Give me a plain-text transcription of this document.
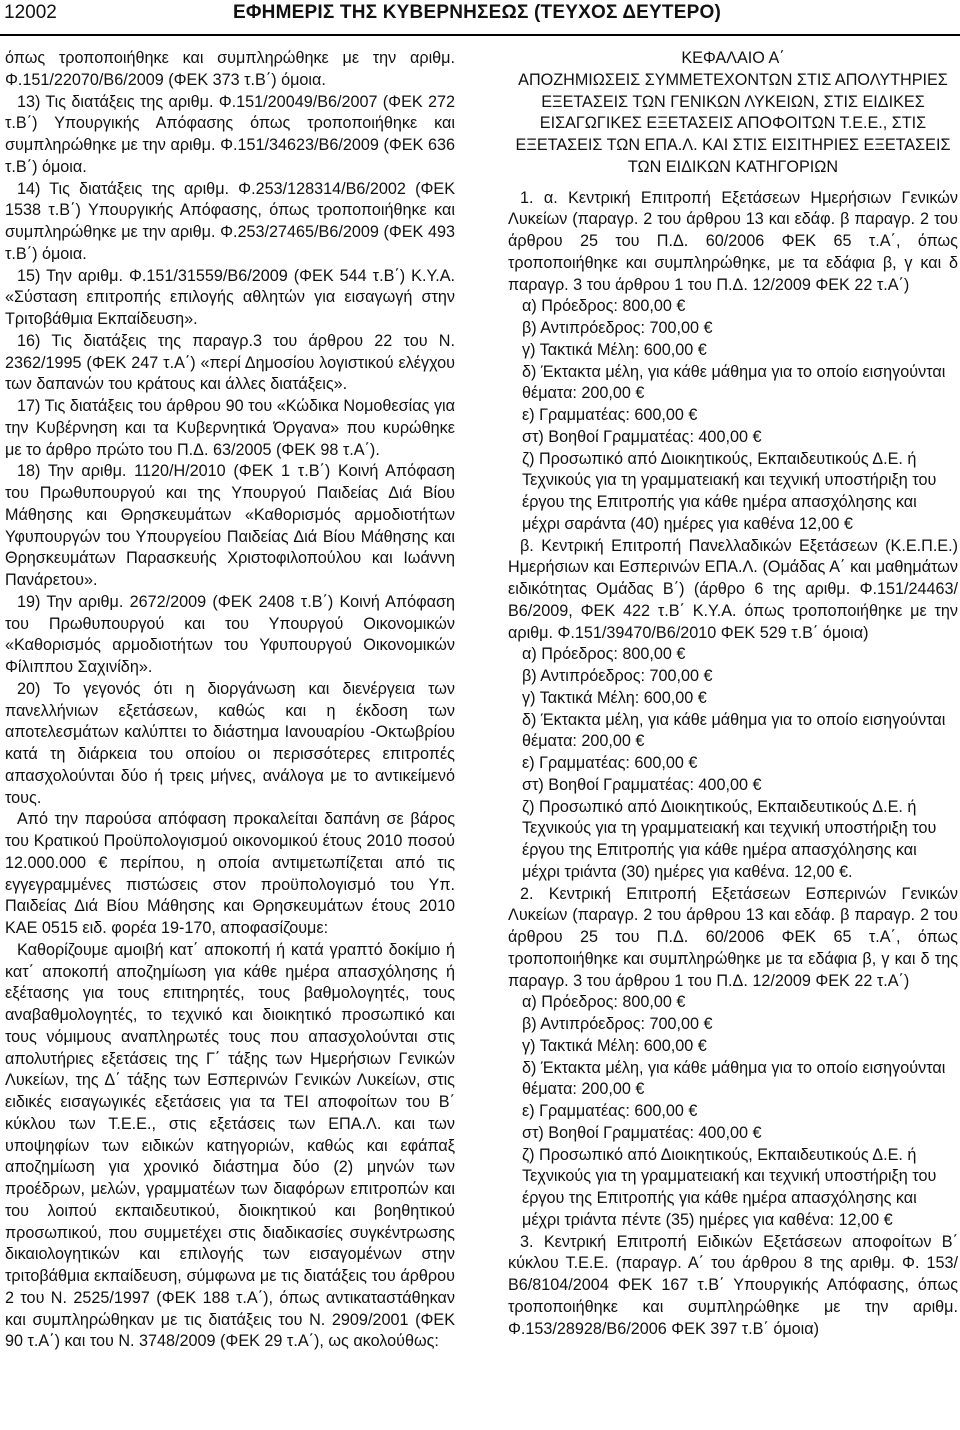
12002	ΕΦΗΜΕΡΙΣ ΤΗΣ ΚΥΒΕΡΝΗΣΕΩΣ (ΤΕΥΧΟΣ ΔΕΥΤΕΡΟ)

όπως τροποποιήθηκε και συμπληρώθηκε με την αριθμ. Φ.151/22070/Β6/2009 (ΦΕΚ 373 τ.Β΄) όμοια.

13) Τις διατάξεις της αριθμ. Φ.151/20049/Β6/2007 (ΦΕΚ 272 τ.Β΄) Υπουργικής Απόφασης όπως τροποποιήθηκε και συμπληρώθηκε με την αριθμ. Φ.151/34623/Β6/2009 (ΦΕΚ 636 τ.Β΄) όμοια.

14) Τις διατάξεις της αριθμ. Φ.253/128314/Β6/2002 (ΦΕΚ 1538 τ.Β΄) Υπουργικής Απόφασης, όπως τροποποιήθηκε και συμπληρώθηκε με την αριθμ. Φ.253/27465/Β6/2009 (ΦΕΚ 493 τ.Β΄) όμοια.

15) Την αριθμ. Φ.151/31559/Β6/2009 (ΦΕΚ 544 τ.Β΄) Κ.Υ.Α. «Σύσταση επιτροπής επιλογής αθλητών για εισαγωγή στην Τριτοβάθμια Εκπαίδευση».

16) Τις διατάξεις της παραγρ.3 του άρθρου 22 του Ν. 2362/1995 (ΦΕΚ 247 τ.Α΄) «περί Δημοσίου λογιστικού ελέγχου των δαπανών του κράτους και άλλες διατάξεις».

17) Τις διατάξεις του άρθρου 90 του «Κώδικα Νομοθεσίας για την Κυβέρνηση και τα Κυβερνητικά Όργανα» που κυρώθηκε με το άρθρο πρώτο του Π.Δ. 63/2005 (ΦΕΚ 98 τ.Α΄).

18) Την αριθμ. 1120/Η/2010 (ΦΕΚ 1 τ.Β΄) Κοινή Απόφαση του Πρωθυπουργού και της Υπουργού Παιδείας Διά Βίου Μάθησης και Θρησκευμάτων «Καθορισμός αρμοδιοτήτων Υφυπουργών του Υπουργείου Παιδείας Διά Βίου Μάθησης και Θρησκευμάτων Παρασκευής Χριστοφιλοπούλου και Ιωάννη Πανάρετου».

19) Την αριθμ. 2672/2009 (ΦΕΚ 2408 τ.Β΄) Κοινή Απόφαση του Πρωθυπουργού και του Υπουργού Οικονομικών «Καθορισμός αρμοδιοτήτων του Υφυπουργού Οικονομικών Φίλιππου Σαχινίδη».

20) Το γεγονός ότι η διοργάνωση και διενέργεια των πανελλήνιων εξετάσεων, καθώς και η έκδοση των αποτελεσμάτων καλύπτει το διάστημα Ιανουαρίου -Οκτωβρίου κατά τη διάρκεια του οποίου οι περισσότερες επιτροπές απασχολούνται δύο ή τρεις μήνες, ανάλογα με το αντικείμενό τους.

Από την παρούσα απόφαση προκαλείται δαπάνη σε βάρος του Κρατικού Προϋπολογισμού οικονομικού έτους 2010 ποσού 12.000.000 € περίπου, η οποία αντιμετωπίζεται από τις εγγεγραμμένες πιστώσεις στον προϋπολογισμό του Υπ. Παιδείας Διά Βίου Μάθησης και Θρησκευμάτων έτους 2010 ΚΑΕ 0515 ειδ. φορέα 19-170, αποφασίζουμε:

Καθορίζουμε αμοιβή κατ΄ αποκοπή ή κατά γραπτό δοκίμιο ή κατ΄ αποκοπή αποζημίωση για κάθε ημέρα απασχόλησης ή εξέτασης για τους επιτηρητές, τους βαθμολογητές, τους αναβαθμολογητές, το τεχνικό και διοικητικό προσωπικό και τους νόμιμους αναπληρωτές τους που απασχολούνται στις απολυτήριες εξετάσεις της Γ΄ τάξης των Ημερήσιων Γενικών Λυκείων, της Δ΄ τάξης των Εσπερινών Γενικών Λυκείων, στις ειδικές εισαγωγικές εξετάσεις για τα ΤΕΙ αποφοίτων του Β΄ κύκλου των Τ.Ε.Ε., στις εξετάσεις των ΕΠΑ.Λ. και των υποψηφίων των ειδικών κατηγοριών, καθώς και εφάπαξ αποζημίωση για χρονικό διάστημα δύο (2) μηνών των προέδρων, μελών, γραμματέων των διαφόρων επιτροπών και του λοιπού εκπαιδευτικού, διοικητικού και βοηθητικού προσωπικού, που συμμετέχει στις διαδικασίες συγκέντρωσης δικαιολογητικών και επιλογής των εισαγομένων στην τριτοβάθμια εκπαίδευση, σύμφωνα με τις διατάξεις του άρθρου 2 του Ν. 2525/1997 (ΦΕΚ 188 τ.Α΄), όπως αντικαταστάθηκαν και συμπληρώθηκαν με τις διατάξεις του Ν. 2909/2001 (ΦΕΚ 90 τ.Α΄) και του Ν. 3748/2009 (ΦΕΚ 29 τ.Α΄), ως ακολούθως:

ΚΕΦΑΛΑΙΟ Α΄

ΑΠΟΖΗΜΙΩΣΕΙΣ ΣΥΜΜΕΤΕΧΟΝΤΩΝ ΣΤΙΣ ΑΠΟΛΥΤΗΡΙΕΣ ΕΞΕΤΑΣΕΙΣ ΤΩΝ ΓΕΝΙΚΩΝ ΛΥΚΕΙΩΝ, ΣΤΙΣ ΕΙΔΙΚΕΣ ΕΙΣΑΓΩΓΙΚΕΣ ΕΞΕΤΑΣΕΙΣ ΑΠΟΦΟΙΤΩΝ Τ.Ε.Ε., ΣΤΙΣ ΕΞΕΤΑΣΕΙΣ ΤΩΝ ΕΠΑ.Λ. ΚΑΙ ΣΤΙΣ ΕΙΣΙΤΗΡΙΕΣ ΕΞΕΤΑΣΕΙΣ ΤΩΝ ΕΙΔΙΚΩΝ ΚΑΤΗΓΟΡΙΩΝ

1. α. Κεντρική Επιτροπή Εξετάσεων Ημερήσιων Γενικών Λυκείων (παραγρ. 2 του άρθρου 13 και εδάφ. β παραγρ. 2 του άρθρου 25 του Π.Δ. 60/2006 ΦΕΚ 65 τ.Α΄, όπως τροποποιήθηκε και συμπληρώθηκε, με τα εδάφια β, γ και δ παραγρ. 3 του άρθρου 1 του Π.Δ. 12/2009 ΦΕΚ 22 τ.Α΄)

α) Πρόεδρος: 800,00 €

β) Αντιπρόεδρος: 700,00 €

γ) Τακτικά Μέλη: 600,00 €

δ) Έκτακτα μέλη, για κάθε μάθημα για το οποίο εισηγούνται θέματα: 200,00 €

ε) Γραμματέας: 600,00 €

στ) Βοηθοί Γραμματέας: 400,00 €

ζ) Προσωπικό από Διοικητικούς, Εκπαιδευτικούς Δ.Ε. ή Τεχνικούς για τη γραμματειακή και τεχνική υποστήριξη του έργου της Επιτροπής για κάθε ημέρα απασχόλησης και μέχρι σαράντα (40) ημέρες για καθένα 12,00 €

β. Κεντρική Επιτροπή Πανελλαδικών Εξετάσεων (Κ.Ε.Π.Ε.) Ημερήσιων και Εσπερινών ΕΠΑ.Λ. (Ομάδας Α΄ και μαθημάτων ειδικότητας Ομάδας Β΄) (άρθρο 6 της αριθμ. Φ.151/24463/Β6/2009, ΦΕΚ 422 τ.Β΄ Κ.Υ.Α. όπως τροποποιήθηκε με την αριθμ. Φ.151/39470/Β6/2010 ΦΕΚ 529 τ.Β΄ όμοια)

α) Πρόεδρος: 800,00 €

β) Αντιπρόεδρος: 700,00 €

γ) Τακτικά Μέλη: 600,00 €

δ) Έκτακτα μέλη, για κάθε μάθημα για το οποίο εισηγούνται θέματα: 200,00 €

ε) Γραμματέας: 600,00 €

στ) Βοηθοί Γραμματέας: 400,00 €

ζ) Προσωπικό από Διοικητικούς, Εκπαιδευτικούς Δ.Ε. ή Τεχνικούς για τη γραμματειακή και τεχνική υποστήριξη του έργου της Επιτροπής για κάθε ημέρα απασχόλησης και μέχρι τριάντα (30) ημέρες για καθένα. 12,00 €.

2. Κεντρική Επιτροπή Εξετάσεων Εσπερινών Γενικών Λυκείων (παραγρ. 2 του άρθρου 13 και εδάφ. β παραγρ. 2 του άρθρου 25 του Π.Δ. 60/2006 ΦΕΚ 65 τ.Α΄, όπως τροποποιήθηκε και συμπληρώθηκε με τα εδάφια β, γ και δ της παραγρ. 3 του άρθρου 1 του Π.Δ. 12/2009 ΦΕΚ 22 τ.Α΄)

α) Πρόεδρος: 800,00 €

β) Αντιπρόεδρος: 700,00 €

γ) Τακτικά Μέλη: 600,00 €

δ) Έκτακτα μέλη, για κάθε μάθημα για το οποίο εισηγούνται θέματα: 200,00 €

ε) Γραμματέας: 600,00 €

στ) Βοηθοί Γραμματέας: 400,00 €

ζ) Προσωπικό από Διοικητικούς, Εκπαιδευτικούς Δ.Ε. ή Τεχνικούς για τη γραμματειακή και τεχνική υποστήριξη του έργου της Επιτροπής για κάθε ημέρα απασχόλησης και μέχρι τριάντα πέντε (35) ημέρες για καθένα: 12,00 €

3. Κεντρική Επιτροπή Ειδικών Εξετάσεων αποφοίτων Β΄ κύκλου Τ.Ε.Ε. (παραγρ. Α΄ του άρθρου 8 της αριθμ. Φ. 153/Β6/8104/2004 ΦΕΚ 167 τ.Β΄ Υπουργικής Απόφασης, όπως τροποποιήθηκε και συμπληρώθηκε με την αριθμ. Φ.153/28928/Β6/2006 ΦΕΚ 397 τ.Β΄ όμοια)
